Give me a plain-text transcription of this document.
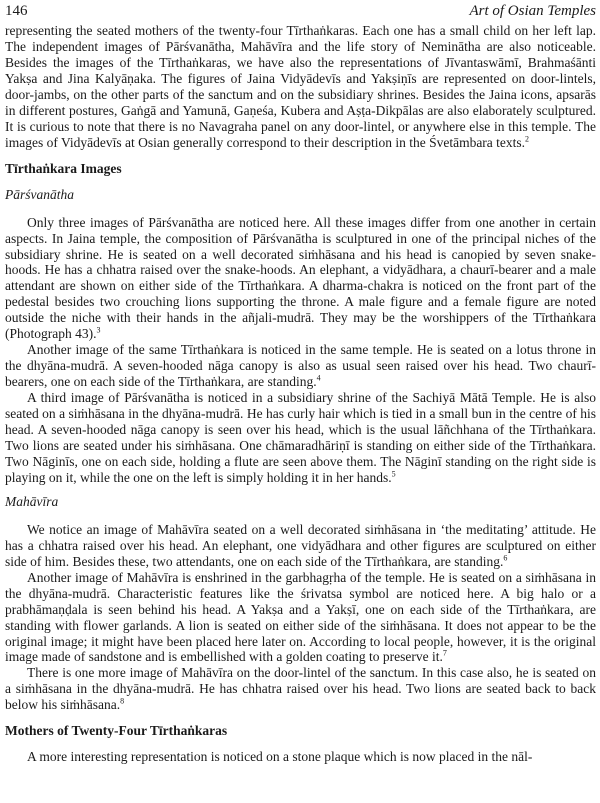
146	Art of Osian Temples

representing the seated mothers of the twenty-four Tīrthaṅkaras. Each one has a small child on her left lap. The independent images of Pārśvanātha, Mahāvīra and the life story of Neminātha are also noticeable. Besides the images of the Tīrthaṅkaras, we have also the representations of Jīvantaswāmī, Brahmaśānti Yakṣa and Jina Kalyāṇaka. The figures of Jaina Vidyādevīs and Yakṣiṇīs are represented on door-lintels, door-jambs, on the other parts of the sanctum and on the subsidiary shrines. Besides the Jaina icons, apsarās in different postures, Gaṅgā and Yamunā, Gaṇeśa, Kubera and Aṣṭa-Dikpālas are also elaborately sculptured. It is curious to note that there is no Navagraha panel on any door-lintel, or anywhere else in this temple. The images of Vidyādevīs at Osian generally correspond to their description in the Śvetāmbara texts.$^2$

Tīrthaṅkara Images
Pārśvanātha

Only three images of Pārśvanātha are noticed here. All these images differ from one another in certain aspects. In Jaina temple, the composition of Pārśvanātha is sculptured in one of the principal niches of the subsidiary shrine. He is seated on a well decorated siṁhāsana and his head is canopied by seven snake-hoods. He has a chhatra raised over the snake-hoods. An elephant, a vidyādhara, a chaurī-bearer and a male attendant are shown on either side of the Tīrthaṅkara. A dharma-chakra is noticed on the front part of the pedestal besides two crouching lions supporting the throne. A male figure and a female figure are noted outside the niche with their hands in the añjali-mudrā. They may be the worshippers of the Tīrthaṅkara (Photograph 43).$^3$

Another image of the same Tīrthaṅkara is noticed in the same temple. He is seated on a lotus throne in the dhyāna-mudrā. A seven-hooded nāga canopy is also as usual seen raised over his head. Two chaurī-bearers, one on each side of the Tīrthaṅkara, are standing.$^4$

A third image of Pārśvanātha is noticed in a subsidiary shrine of the Sachiyā Mātā Temple. He is also seated on a siṁhāsana in the dhyāna-mudrā. He has curly hair which is tied in a small bun in the centre of his head. A seven-hooded nāga canopy is seen over his head, which is the usual lāñchhana of the Tīrthaṅkara. Two lions are seated under his siṁhāsana. One chāmaradhāriṇī is standing on either side of the Tīrthaṅkara. Two Nāginīs, one on each side, holding a flute are seen above them. The Nāginī standing on the right side is playing on it, while the one on the left is simply holding it in her hands.$^5$

Mahāvīra

We notice an image of Mahāvīra seated on a well decorated siṁhāsana in ‘the meditating’ attitude. He has a chhatra raised over his head. An elephant, one vidyādhara and other figures are sculptured on either side of him. Besides these, two attendants, one on each side of the Tīrthaṅkara, are standing.$^6$

Another image of Mahāvīra is enshrined in the garbhagṛha of the temple. He is seated on a siṁhāsana in the dhyāna-mudrā. Characteristic features like the śrivatsa symbol are noticed here. A big halo or a prabhāmaṇḍala is seen behind his head. A Yakṣa and a Yakṣī, one on each side of the Tīrthaṅkara, are standing with flower garlands. A lion is seated on either side of the siṁhāsana. It does not appear to be the original image; it might have been placed here later on. According to local people, however, it is the original image made of sandstone and is embellished with a golden coating to preserve it.$^7$

There is one more image of Mahāvīra on the door-lintel of the sanctum. In this case also, he is seated on a siṁhāsana in the dhyāna-mudrā. He has chhatra raised over his head. Two lions are seated back to back below his siṁhāsana.$^8$

Mothers of Twenty-Four Tīrthaṅkaras

A more interesting representation is noticed on a stone plaque which is now placed in the nāl-
